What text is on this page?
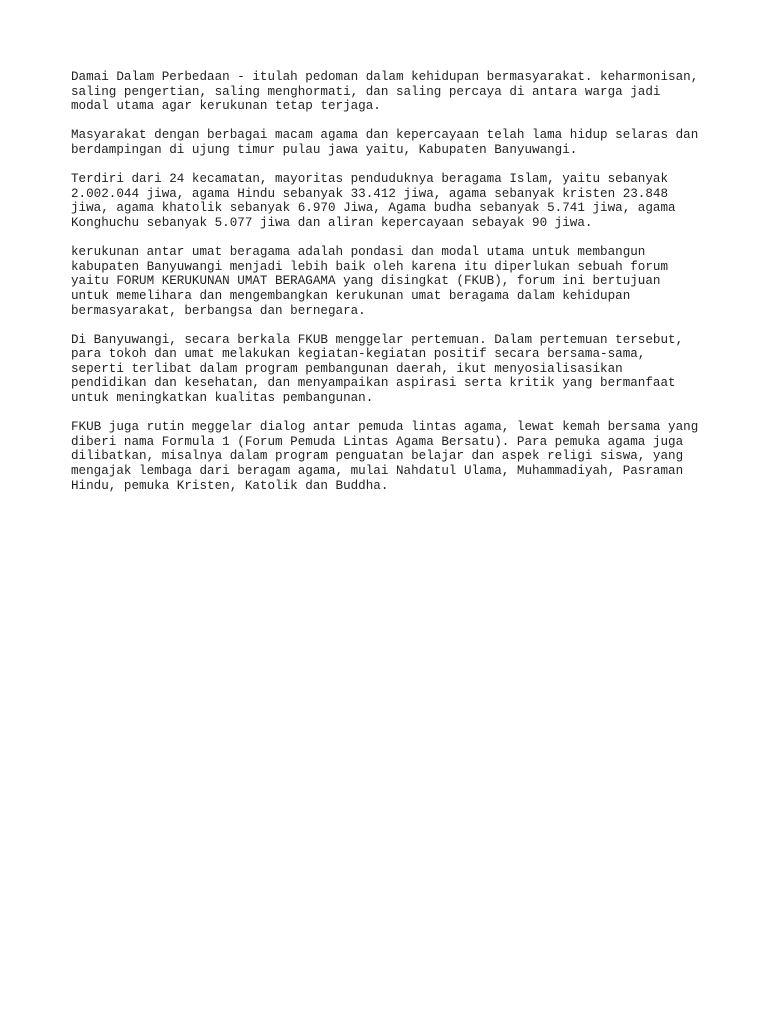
Damai Dalam Perbedaan - itulah pedoman dalam kehidupan bermasyarakat. keharmonisan,
saling pengertian, saling menghormati, dan saling percaya di antara warga jadi
modal utama agar kerukunan tetap terjaga.

Masyarakat dengan berbagai macam agama dan kepercayaan telah lama hidup selaras dan
berdampingan di ujung timur pulau jawa yaitu, Kabupaten Banyuwangi.

Terdiri dari 24 kecamatan, mayoritas penduduknya beragama Islam, yaitu sebanyak
2.002.044 jiwa, agama Hindu sebanyak 33.412 jiwa, agama sebanyak kristen 23.848
jiwa, agama khatolik sebanyak 6.970 Jiwa, Agama budha sebanyak 5.741 jiwa, agama
Konghuchu sebanyak 5.077 jiwa dan aliran kepercayaan sebayak 90 jiwa.

kerukunan antar umat beragama adalah pondasi dan modal utama untuk membangun
kabupaten Banyuwangi menjadi lebih baik oleh karena itu diperlukan sebuah forum
yaitu FORUM KERUKUNAN UMAT BERAGAMA yang disingkat (FKUB), forum ini bertujuan
untuk memelihara dan mengembangkan kerukunan umat beragama dalam kehidupan
bermasyarakat, berbangsa dan bernegara.

Di Banyuwangi, secara berkala FKUB menggelar pertemuan. Dalam pertemuan tersebut,
para tokoh dan umat melakukan kegiatan-kegiatan positif secara bersama-sama,
seperti terlibat dalam program pembangunan daerah, ikut menyosialisasikan
pendidikan dan kesehatan, dan menyampaikan aspirasi serta kritik yang bermanfaat
untuk meningkatkan kualitas pembangunan.

FKUB juga rutin meggelar dialog antar pemuda lintas agama, lewat kemah bersama yang
diberi nama Formula 1 (Forum Pemuda Lintas Agama Bersatu). Para pemuka agama juga
dilibatkan, misalnya dalam program penguatan belajar dan aspek religi siswa, yang
mengajak lembaga dari beragam agama, mulai Nahdatul Ulama, Muhammadiyah, Pasraman
Hindu, pemuka Kristen, Katolik dan Buddha.
